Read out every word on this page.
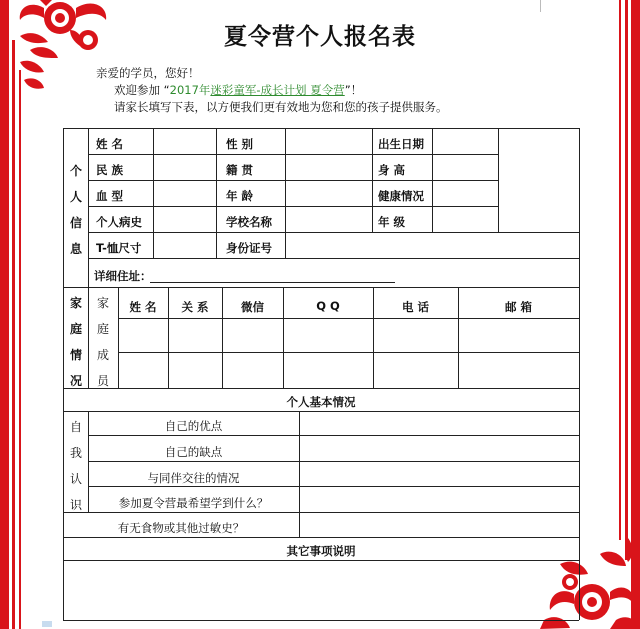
夏令营个人报名表
亲爱的学员，您好！
欢迎参加 “2017年迷彩童军-成长计划 夏令营”！
请家长填写下表，以方便我们更有效地为您和您的孩子提供服务。
个
人
信
息
姓 名	性 别	出生日期
民 族	籍 贯	身 高
血 型	年 龄	健康情况
个人病史	学校名称	年 级
T-恤尺寸	身份证号
详细住址：
家
庭
情
况
家
庭
成
员
姓 名	关 系	微信	Q Q	电 话	邮 箱
个人基本情况
自
我
认
识
自己的优点
自己的缺点
与同伴交往的情况
参加夏令营最希望学到什么？
有无食物或其他过敏史？
其它事项说明
